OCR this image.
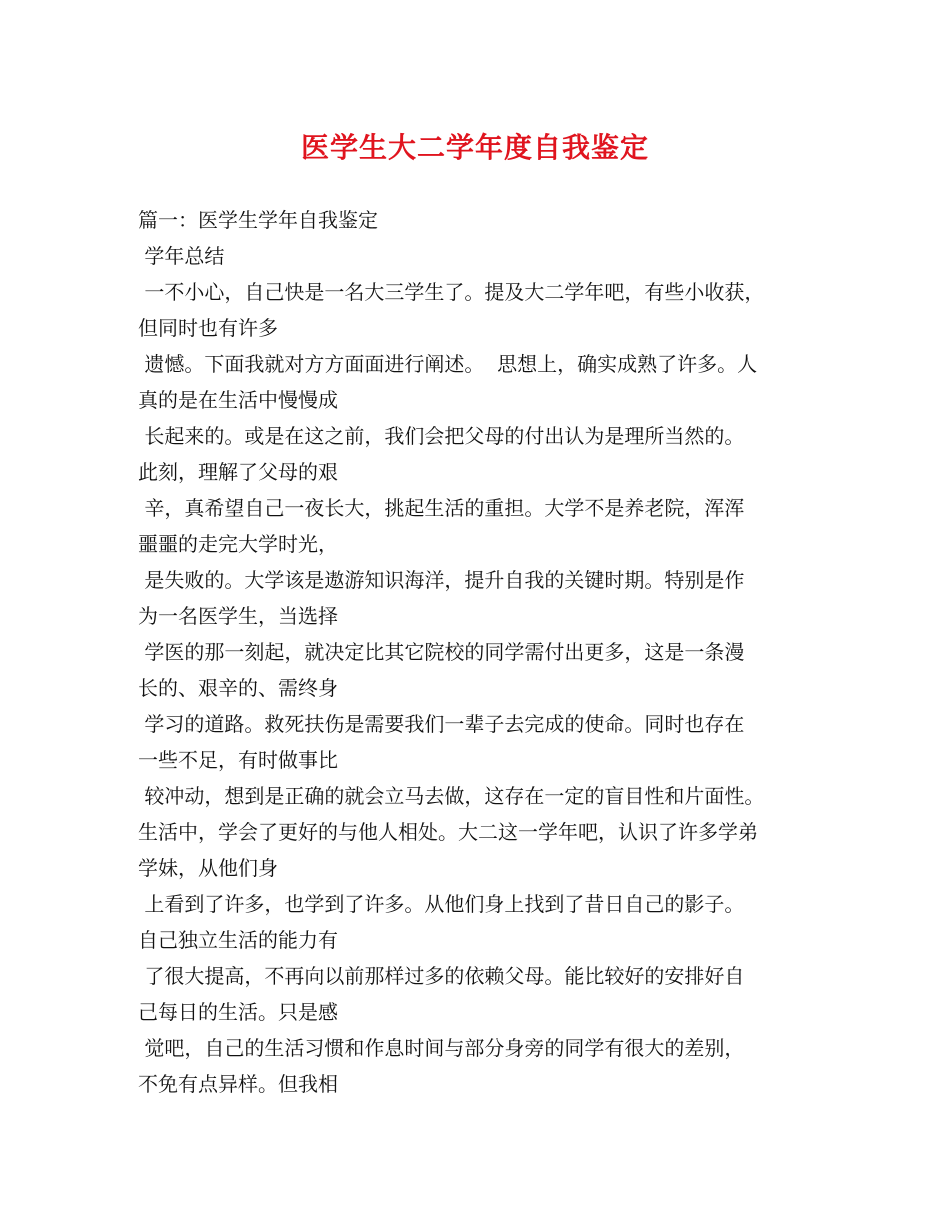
医学生大二学年度自我鉴定
篇一：医学生学年自我鉴定
学年总结
一不小心，自己快是一名大三学生了。提及大二学年吧，有些小收获，
但同时也有许多
遗憾。下面我就对方方面面进行阐述。  思想上，确实成熟了许多。人
真的是在生活中慢慢成
长起来的。或是在这之前，我们会把父母的付出认为是理所当然的。
此刻，理解了父母的艰
辛，真希望自己一夜长大，挑起生活的重担。大学不是养老院，浑浑
噩噩的走完大学时光，
是失败的。大学该是遨游知识海洋，提升自我的关键时期。特别是作
为一名医学生，当选择
学医的那一刻起，就决定比其它院校的同学需付出更多，这是一条漫
长的、艰辛的、需终身
学习的道路。救死扶伤是需要我们一辈子去完成的使命。同时也存在
一些不足，有时做事比
较冲动，想到是正确的就会立马去做，这存在一定的盲目性和片面性。
生活中，学会了更好的与他人相处。大二这一学年吧，认识了许多学弟
学妹，从他们身
上看到了许多，也学到了许多。从他们身上找到了昔日自己的影子。
自己独立生活的能力有
了很大提高，不再向以前那样过多的依赖父母。能比较好的安排好自
己每日的生活。只是感
觉吧，自己的生活习惯和作息时间与部分身旁的同学有很大的差别，
不免有点异样。但我相
